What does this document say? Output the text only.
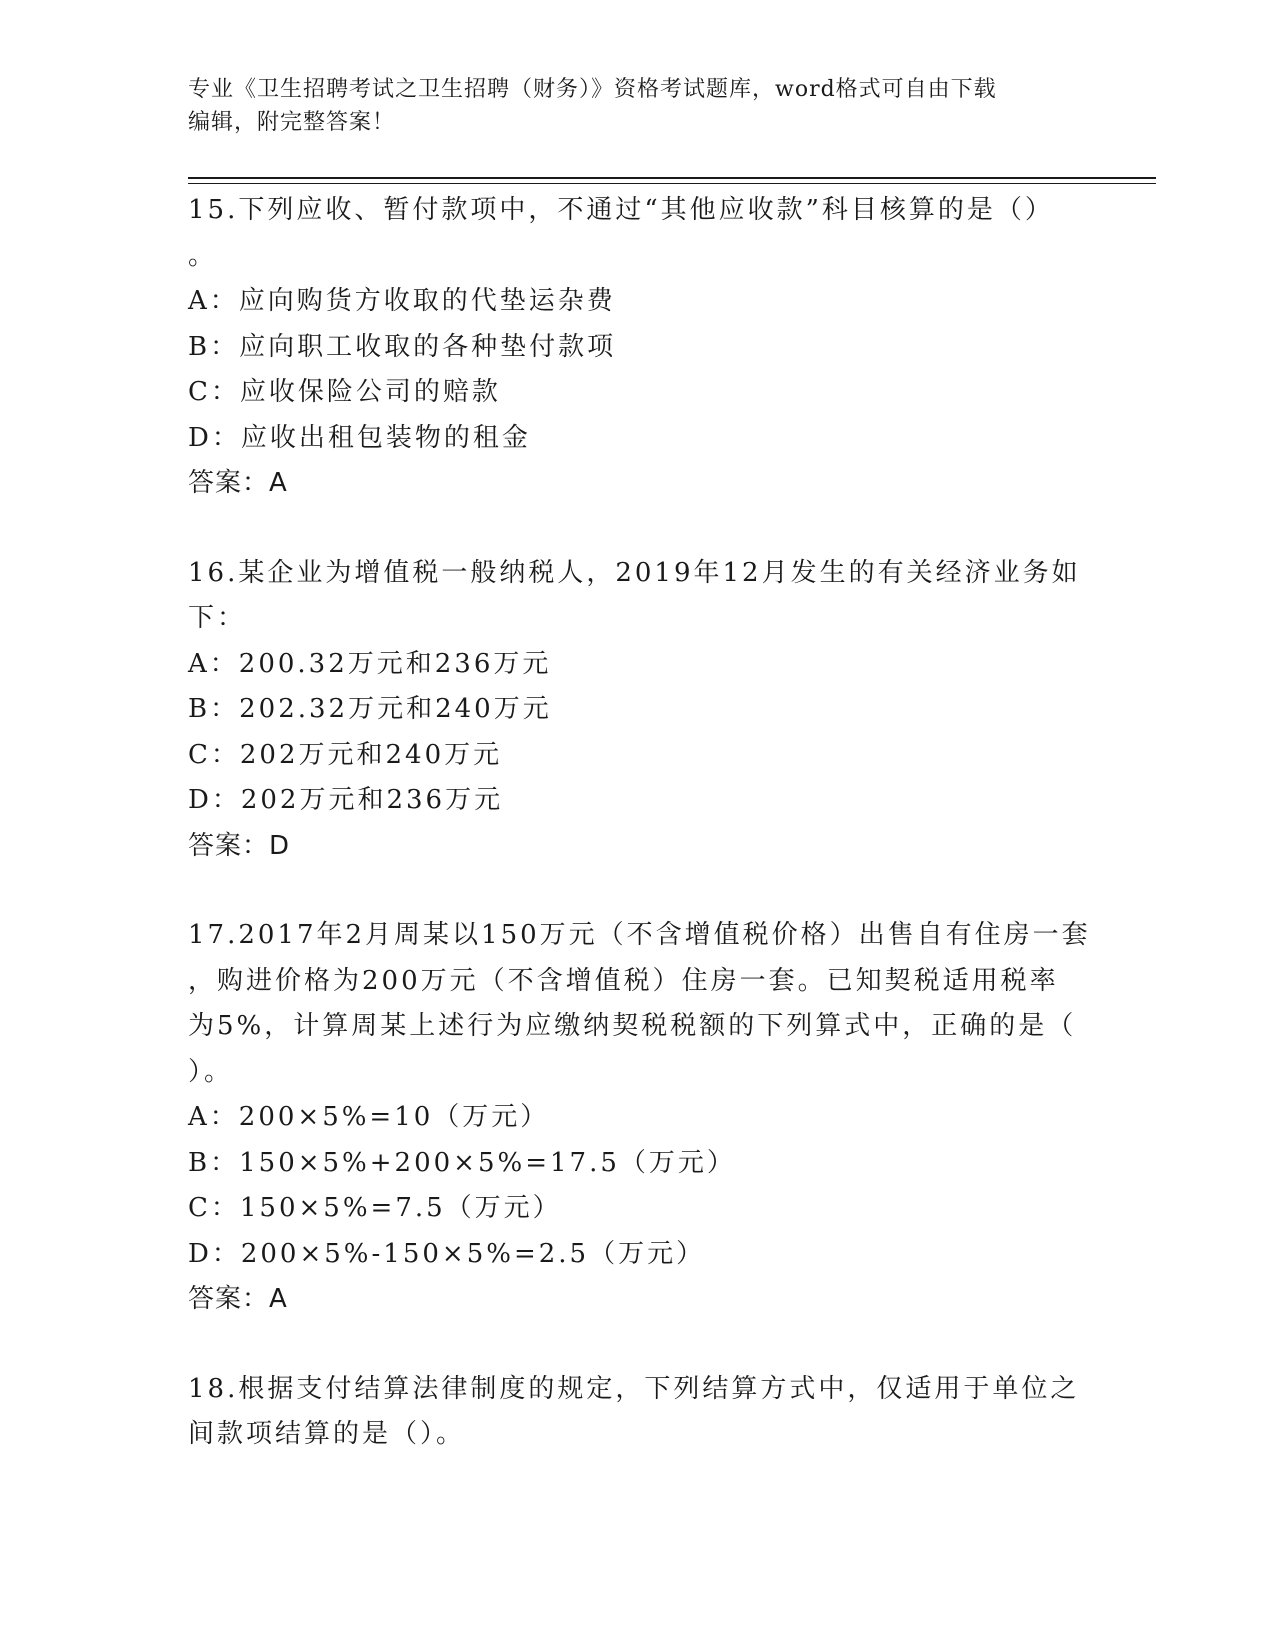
专业《卫生招聘考试之卫生招聘（财务）》资格考试题库，word格式可自由下载
编辑，附完整答案！
15.下列应收、暂付款项中，不通过“其他应收款”科目核算的是（）
。
A：应向购货方收取的代垫运杂费
B：应向职工收取的各种垫付款项
C：应收保险公司的赔款
D：应收出租包装物的租金
答案：A
16.某企业为增值税一般纳税人，2019年12月发生的有关经济业务如
下：
A：200.32万元和236万元
B：202.32万元和240万元
C：202万元和240万元
D：202万元和236万元
答案：D
17.2017年2月周某以150万元（不含增值税价格）出售自有住房一套
，购进价格为200万元（不含增值税）住房一套。已知契税适用税率
为5%，计算周某上述行为应缴纳契税税额的下列算式中，正确的是（
）。
A：200×5%=10（万元）
B：150×5%+200×5%=17.5（万元）
C：150×5%=7.5（万元）
D：200×5%-150×5%=2.5（万元）
答案：A
18.根据支付结算法律制度的规定，下列结算方式中，仅适用于单位之
间款项结算的是（）。
